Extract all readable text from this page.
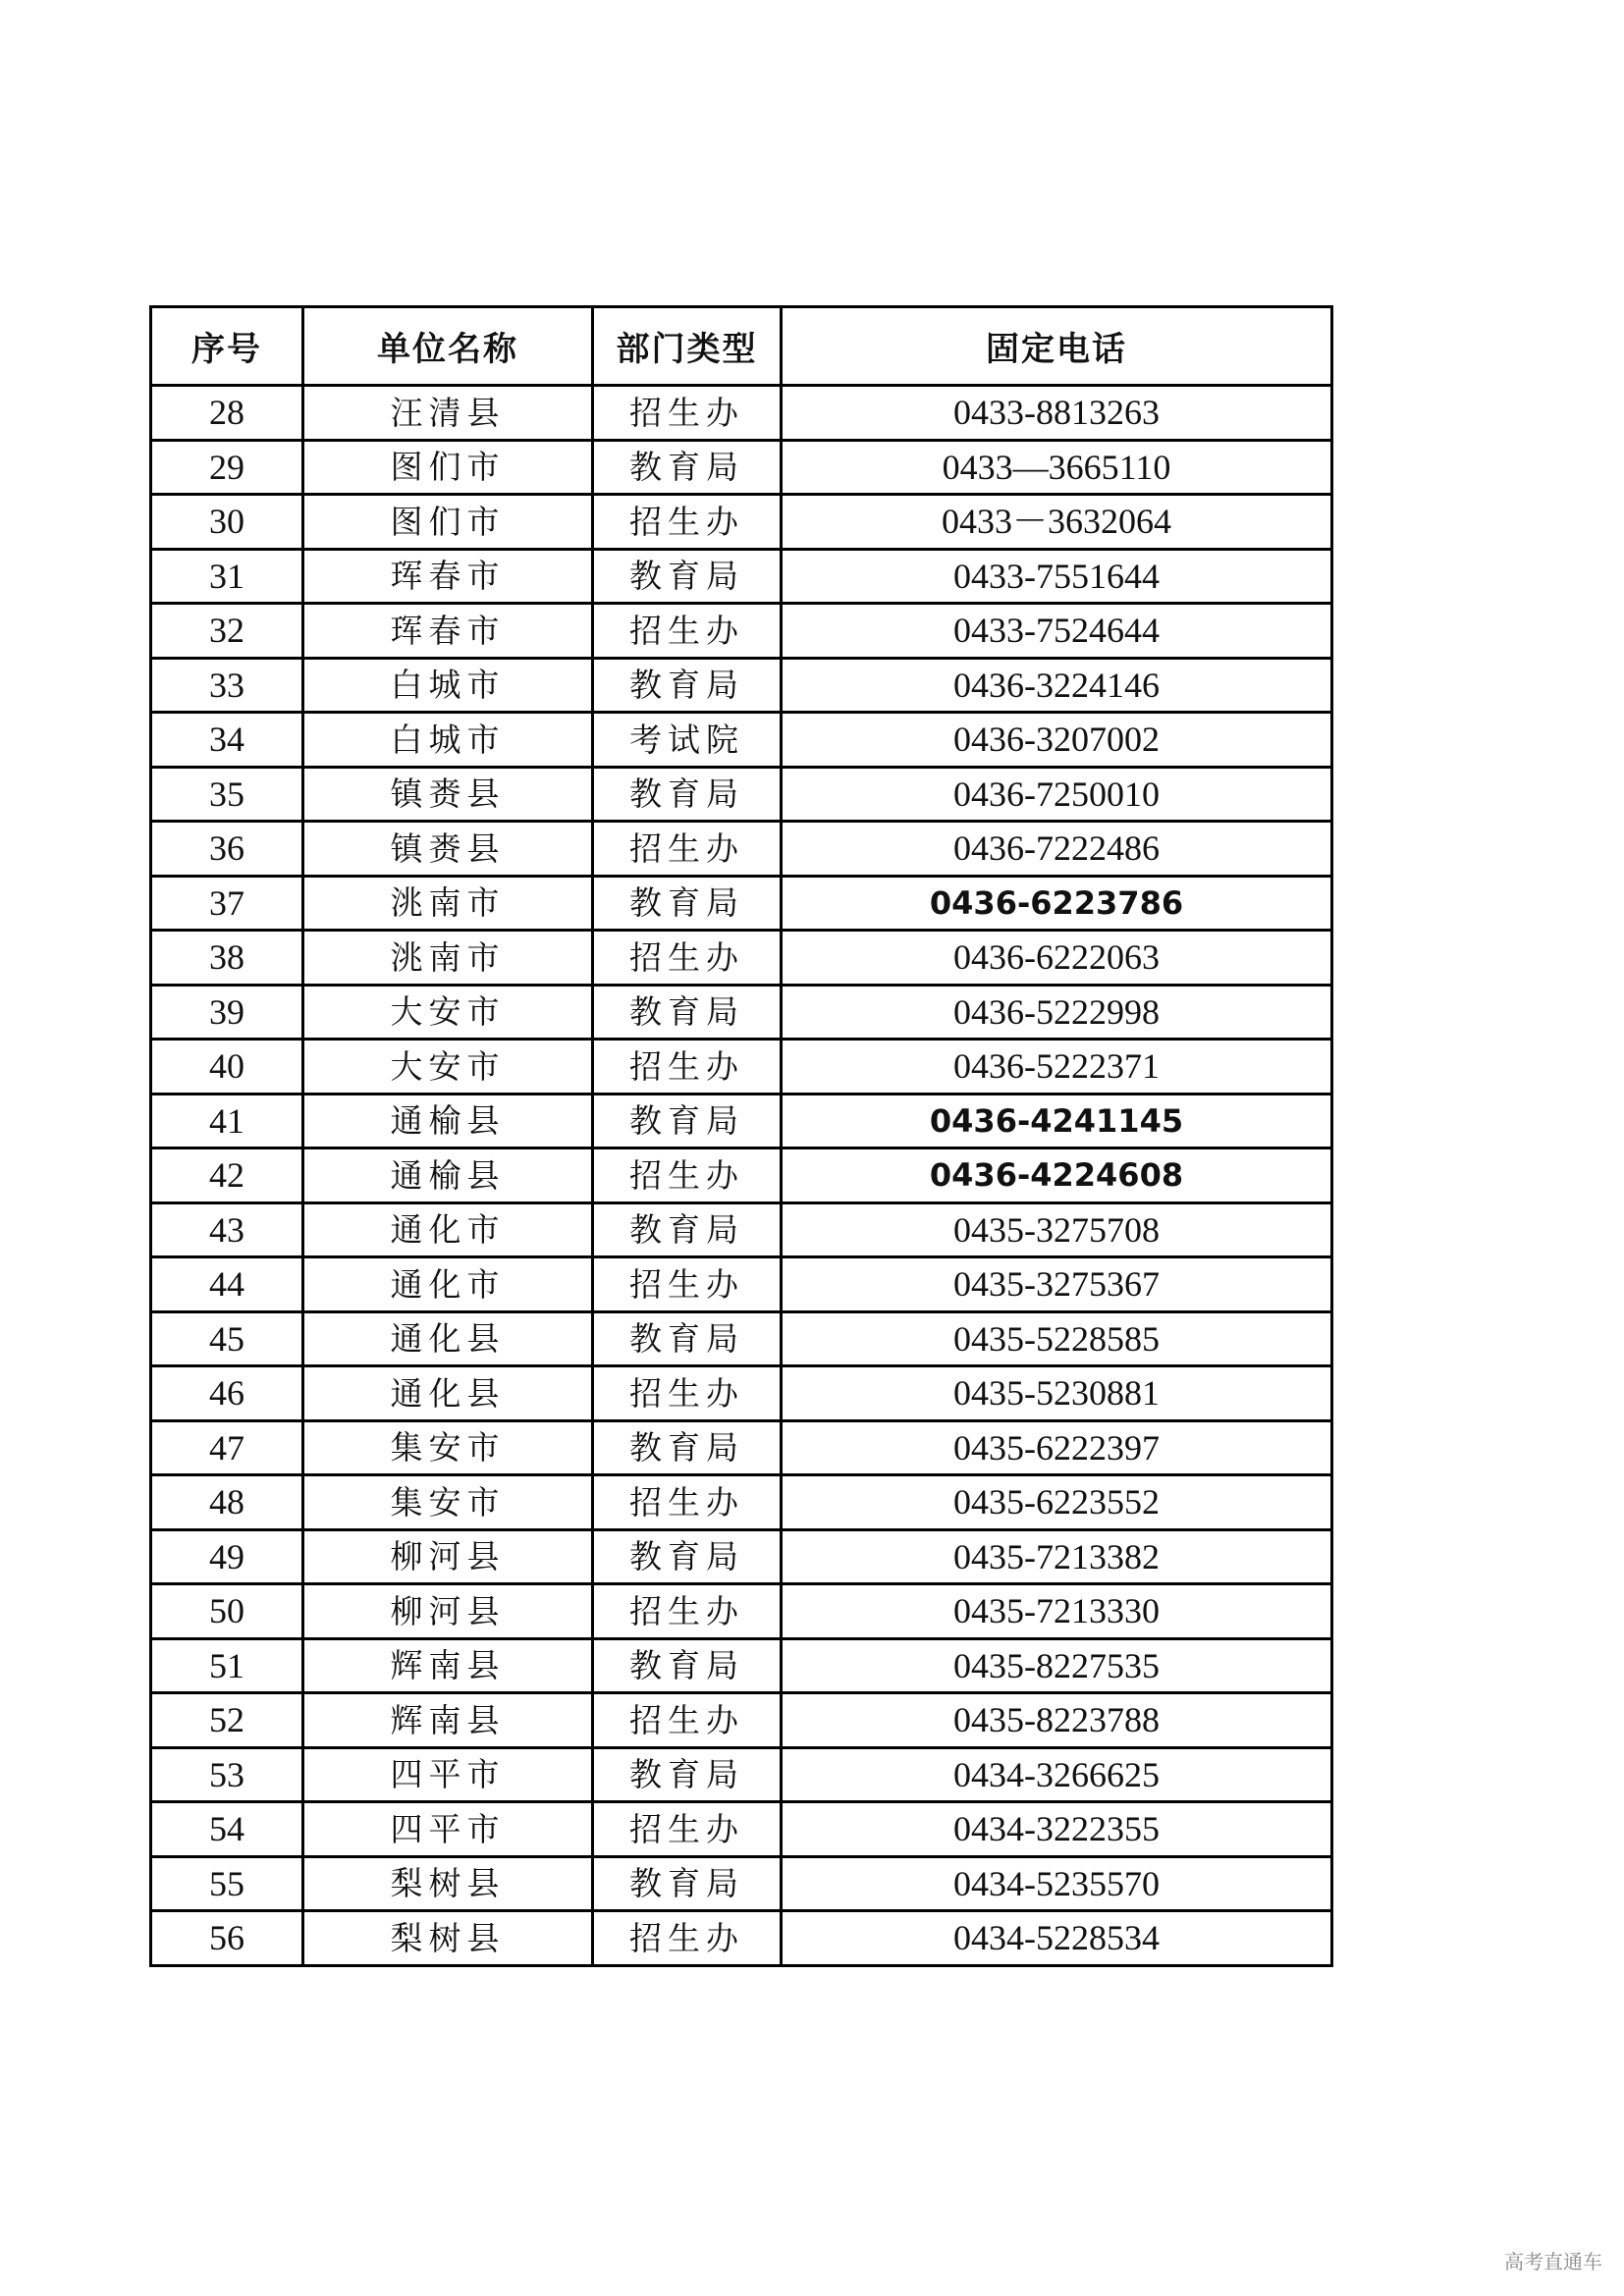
序号	单位名称	部门类型	固定电话
28	汪清县	招生办	0433-8813263
29	图们市	教育局	0433—3665110
30	图们市	招生办	0433－3632064
31	珲春市	教育局	0433-7551644
32	珲春市	招生办	0433-7524644
33	白城市	教育局	0436-3224146
34	白城市	考试院	0436-3207002
35	镇赉县	教育局	0436-7250010
36	镇赉县	招生办	0436-7222486
37	洮南市	教育局	0436-6223786
38	洮南市	招生办	0436-6222063
39	大安市	教育局	0436-5222998
40	大安市	招生办	0436-5222371
41	通榆县	教育局	0436-4241145
42	通榆县	招生办	0436-4224608
43	通化市	教育局	0435-3275708
44	通化市	招生办	0435-3275367
45	通化县	教育局	0435-5228585
46	通化县	招生办	0435-5230881
47	集安市	教育局	0435-6222397
48	集安市	招生办	0435-6223552
49	柳河县	教育局	0435-7213382
50	柳河县	招生办	0435-7213330
51	辉南县	教育局	0435-8227535
52	辉南县	招生办	0435-8223788
53	四平市	教育局	0434-3266625
54	四平市	招生办	0434-3222355
55	梨树县	教育局	0434-5235570
56	梨树县	招生办	0434-5228534
高考直通车
